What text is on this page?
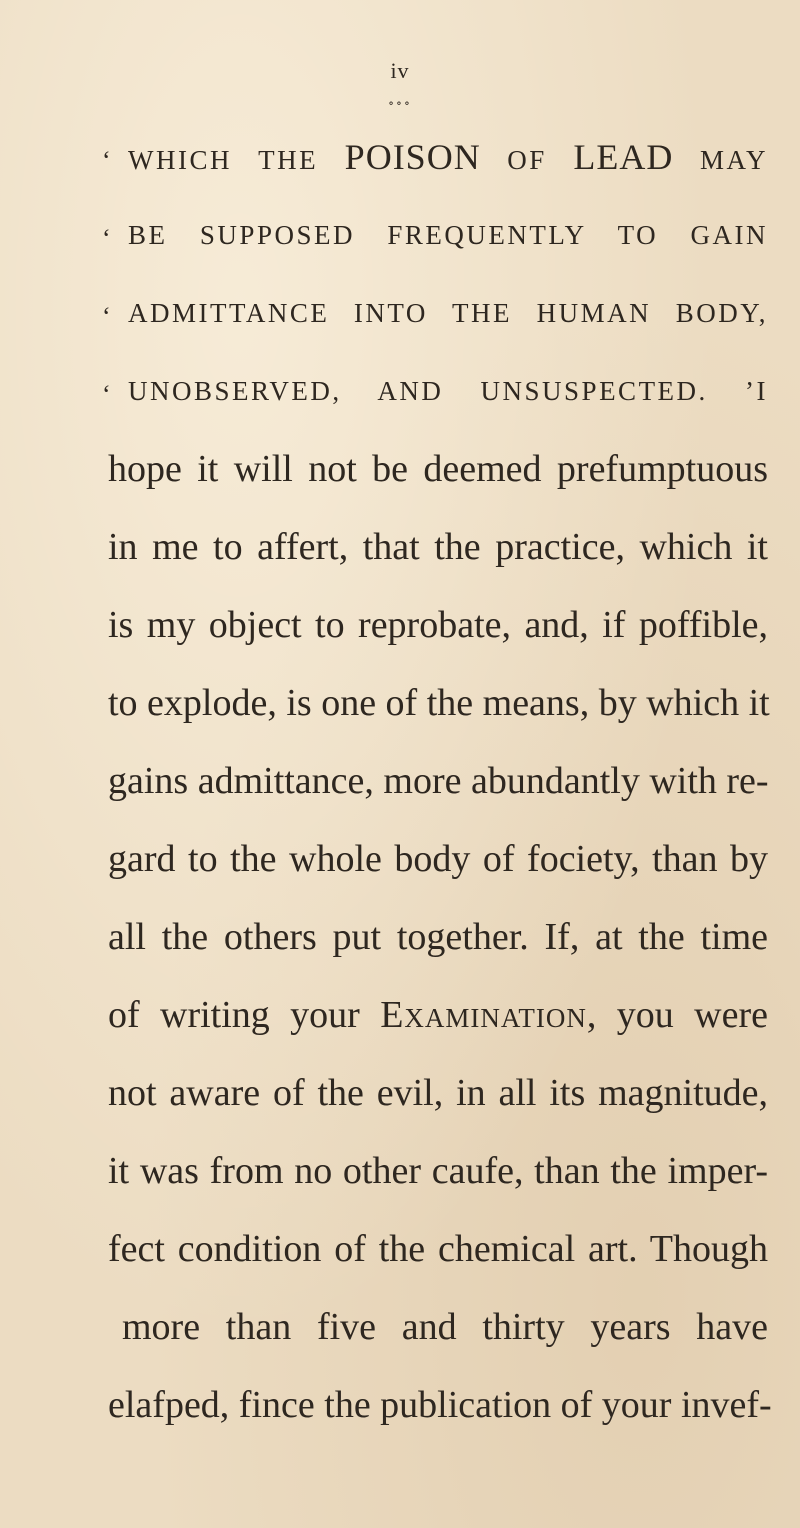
iv
∘∘∘
‘ WHICH THE POISON OF LEAD MAY
‘ BE SUPPOSED FREQUENTLY TO GAIN
‘ ADMITTANCE INTO THE HUMAN BODY,
‘ UNOBSERVED, AND UNSUSPECTED. ’I
hope it will not be deemed prefumptuous
in me to affert, that the practice, which it
is my object to reprobate, and, if poffible,
to explode, is one of the means, by which it
gains admittance, more abundantly with re-
gard to the whole body of fociety, than by
all the others put together. If, at the time
of writing your Examination, you were
not aware of the evil, in all its magnitude,
it was from no other caufe, than the imper-
fect condition of the chemical art. Though
more than five and thirty years have
elafped, fince the publication of your invef-
